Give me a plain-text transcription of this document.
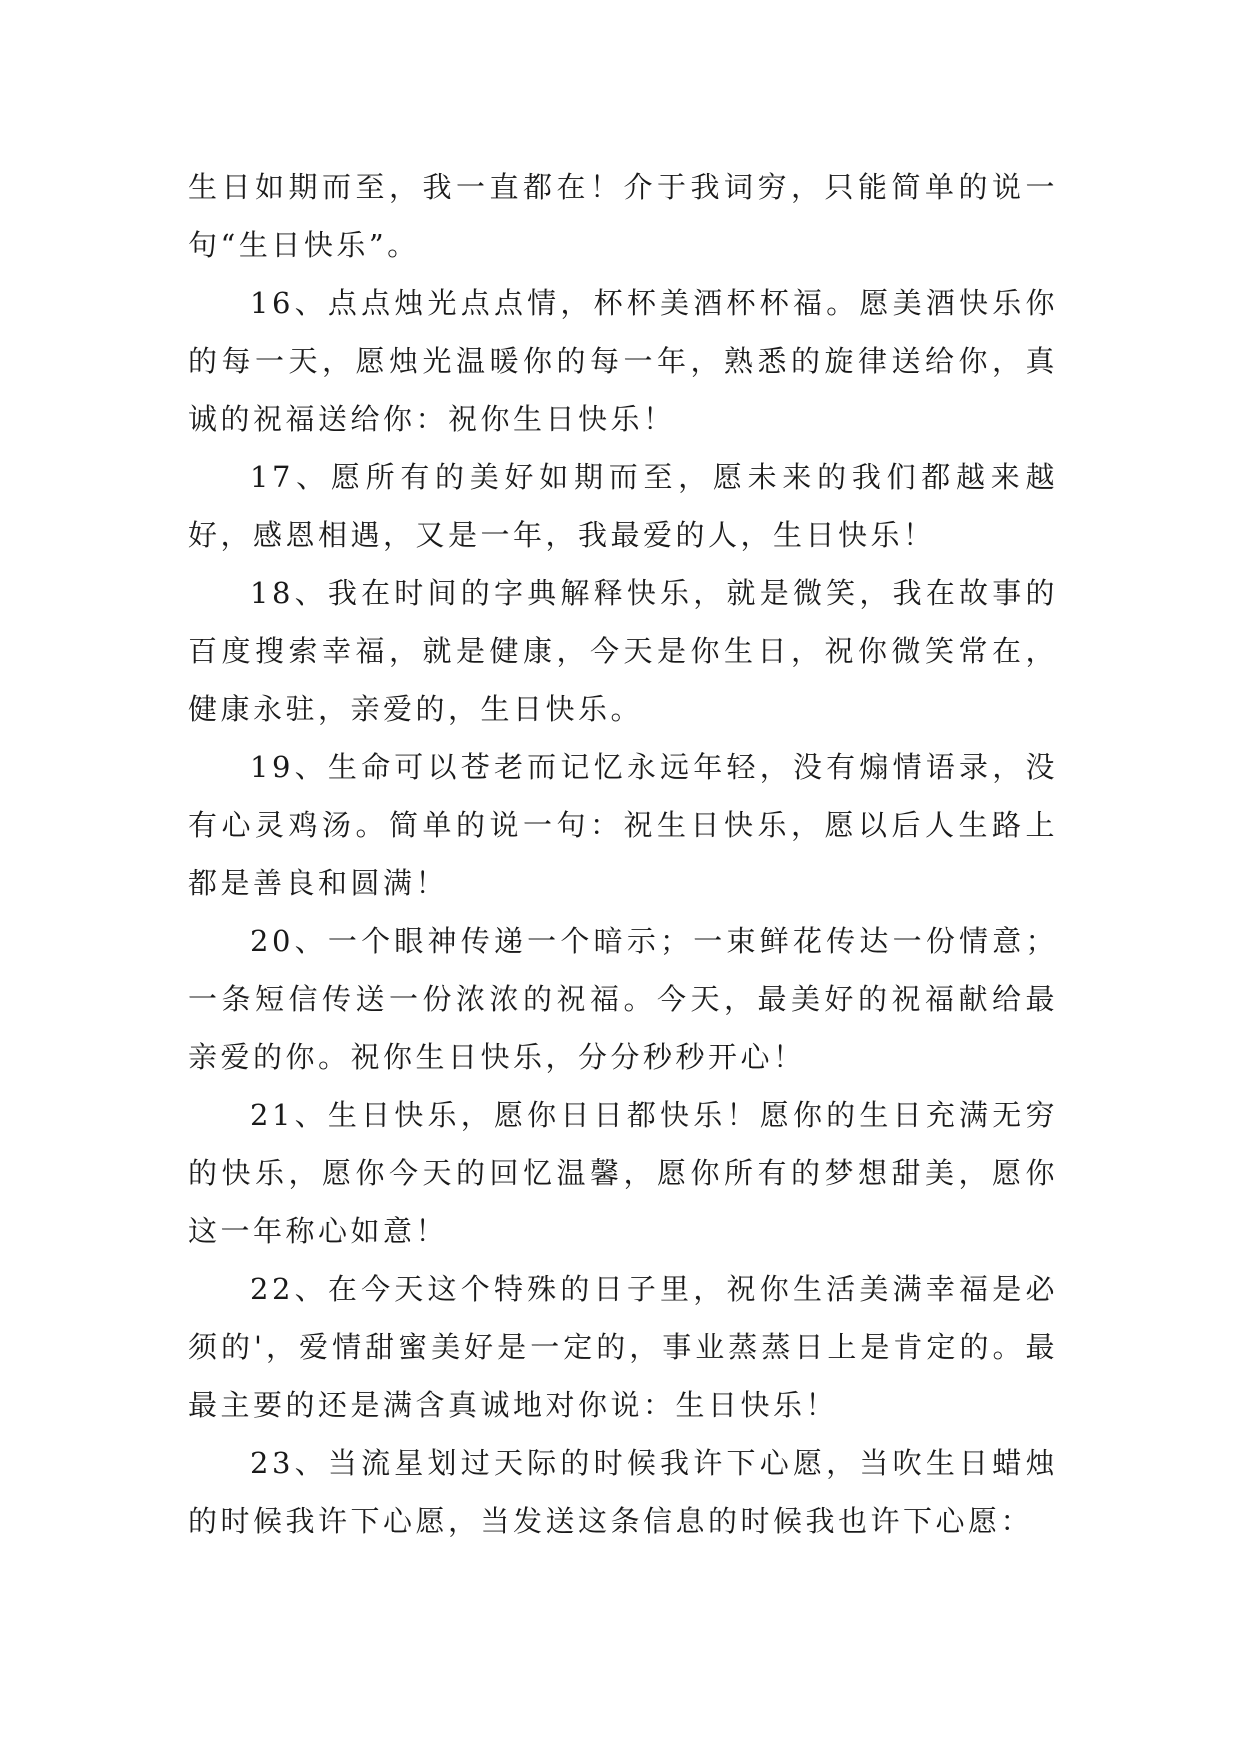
生日如期而至，我一直都在！介于我词穷，只能简单的说一句“生日快乐”。

16、点点烛光点点情，杯杯美酒杯杯福。愿美酒快乐你的每一天，愿烛光温暖你的每一年，熟悉的旋律送给你，真诚的祝福送给你：祝你生日快乐！

17、愿所有的美好如期而至，愿未来的我们都越来越好，感恩相遇，又是一年，我最爱的人，生日快乐！

18、我在时间的字典解释快乐，就是微笑，我在故事的百度搜索幸福，就是健康，今天是你生日，祝你微笑常在，健康永驻，亲爱的，生日快乐。

19、生命可以苍老而记忆永远年轻，没有煽情语录，没有心灵鸡汤。简单的说一句：祝生日快乐，愿以后人生路上都是善良和圆满！

20、一个眼神传递一个暗示；一束鲜花传达一份情意；一条短信传送一份浓浓的祝福。今天，最美好的祝福献给最亲爱的你。祝你生日快乐，分分秒秒开心！

21、生日快乐，愿你日日都快乐！愿你的生日充满无穷的快乐，愿你今天的回忆温馨，愿你所有的梦想甜美，愿你这一年称心如意！

22、在今天这个特殊的日子里，祝你生活美满幸福是必须的'，爱情甜蜜美好是一定的，事业蒸蒸日上是肯定的。最最主要的还是满含真诚地对你说：生日快乐！

23、当流星划过天际的时候我许下心愿，当吹生日蜡烛的时候我许下心愿，当发送这条信息的时候我也许下心愿：
